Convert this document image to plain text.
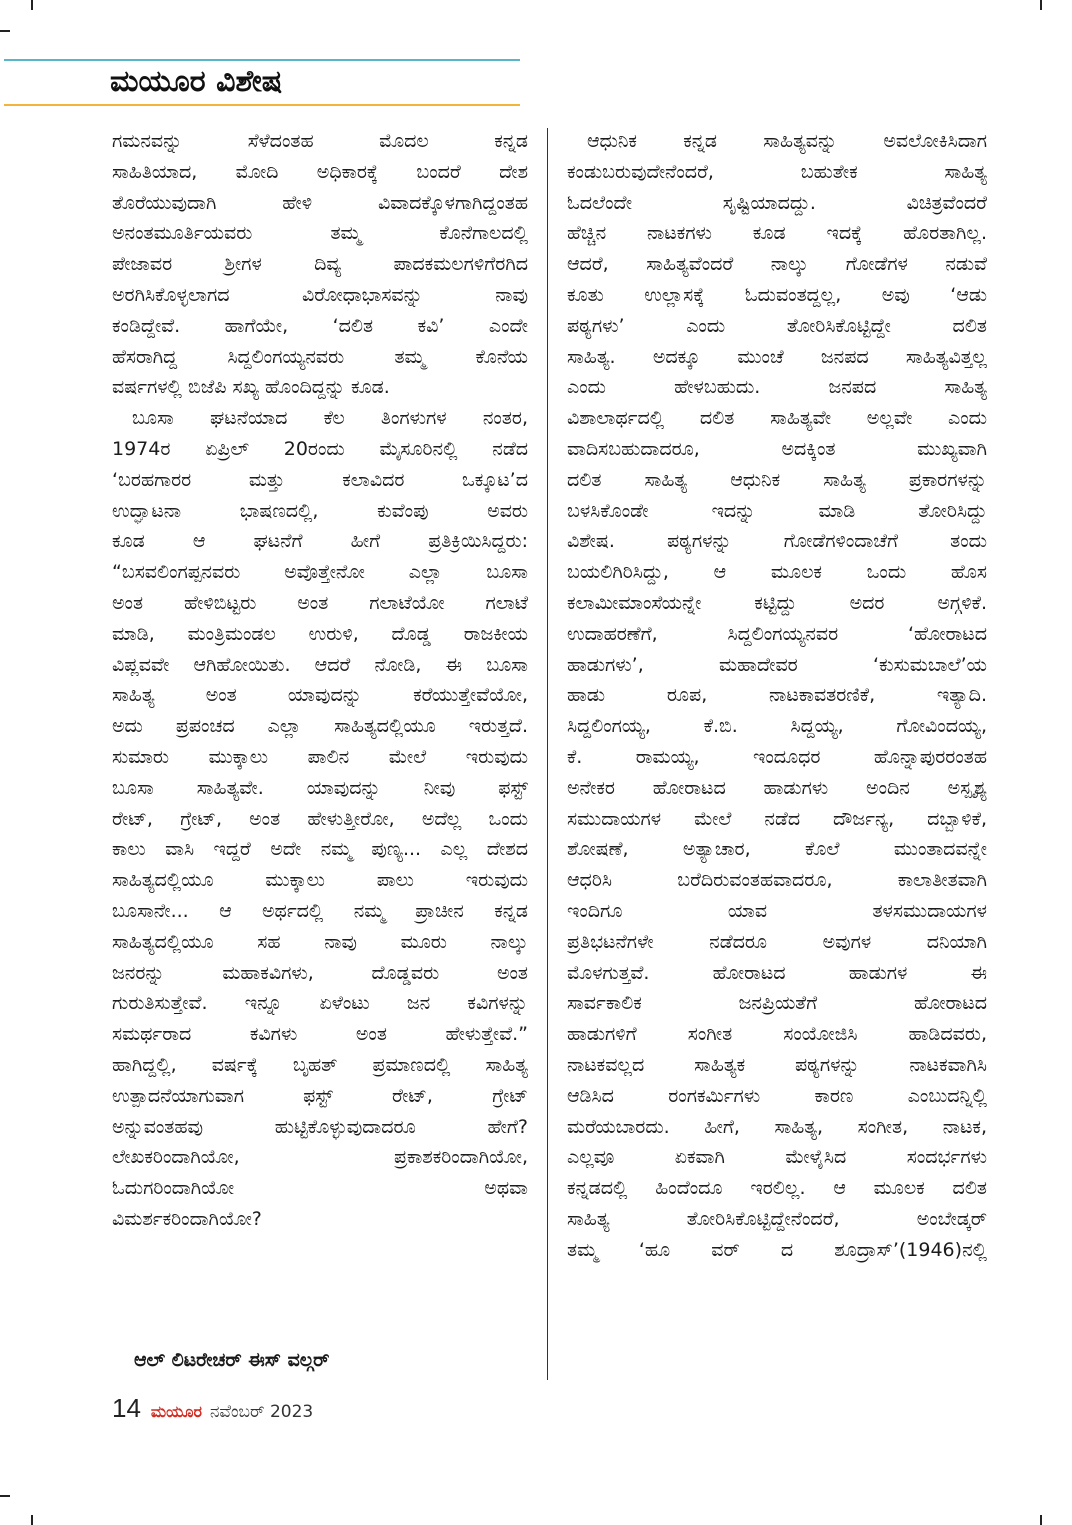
ಮಯೂರ ವಿಶೇಷ
ಗಮನವನ್ನು ಸೆಳೆದಂತಹ ಮೊದಲ ಕನ್ನಡ
ಸಾಹಿತಿಯಾದ, ಮೋದಿ ಅಧಿಕಾರಕ್ಕೆ ಬಂದರೆ ದೇಶ
ತೊರೆಯುವುದಾಗಿ ಹೇಳಿ ವಿವಾದಕ್ಕೊಳಗಾಗಿದ್ದಂತಹ
ಅನಂತಮೂರ್ತಿಯವರು ತಮ್ಮ ಕೊನೆಗಾಲದಲ್ಲಿ
ಪೇಜಾವರ ಶ್ರೀಗಳ ದಿವ್ಯ ಪಾದಕಮಲಗಳಿಗೆರಗಿದ
ಅರಗಿಸಿಕೊಳ್ಳಲಾಗದ ವಿರೋಧಾಭಾಸವನ್ನು ನಾವು
ಕಂಡಿದ್ದೇವೆ. ಹಾಗೆಯೇ, ‘ದಲಿತ ಕವಿ’ ಎಂದೇ
ಹೆಸರಾಗಿದ್ದ ಸಿದ್ದಲಿಂಗಯ್ಯನವರು ತಮ್ಮ ಕೊನೆಯ
ವರ್ಷಗಳಲ್ಲಿ ಬಿಜೆಪಿ ಸಖ್ಯ ಹೊಂದಿದ್ದನ್ನು ಕೂಡ.
ಬೂಸಾ ಘಟನೆಯಾದ ಕೆಲ ತಿಂಗಳುಗಳ ನಂತರ,
1974ರ ಏಪ್ರಿಲ್ 20ರಂದು ಮೈಸೂರಿನಲ್ಲಿ ನಡೆದ
‘ಬರಹಗಾರರ ಮತ್ತು ಕಲಾವಿದರ ಒಕ್ಕೂಟ’ದ
ಉದ್ಘಾಟನಾ ಭಾಷಣದಲ್ಲಿ, ಕುವೆಂಪು ಅವರು
ಕೂಡ ಆ ಘಟನೆಗೆ ಹೀಗೆ ಪ್ರತಿಕ್ರಿಯಿಸಿದ್ದರು:
“ಬಸವಲಿಂಗಪ್ಪನವರು ಅವೊತ್ತೇನೋ ಎಲ್ಲಾ ಬೂಸಾ
ಅಂತ ಹೇಳಿಬಿಟ್ಟರು ಅಂತ ಗಲಾಟೆಯೋ ಗಲಾಟೆ
ಮಾಡಿ, ಮಂತ್ರಿಮಂಡಲ ಉರುಳಿ, ದೊಡ್ಡ ರಾಜಕೀಯ
ವಿಪ್ಲವವೇ ಆಗಿಹೋಯಿತು. ಆದರೆ ನೋಡಿ, ಈ ಬೂಸಾ
ಸಾಹಿತ್ಯ ಅಂತ ಯಾವುದನ್ನು ಕರೆಯುತ್ತೇವೆಯೋ,
ಅದು ಪ್ರಪಂಚದ ಎಲ್ಲಾ ಸಾಹಿತ್ಯದಲ್ಲಿಯೂ ಇರುತ್ತದೆ.
ಸುಮಾರು ಮುಕ್ಕಾಲು ಪಾಲಿನ ಮೇಲೆ ಇರುವುದು
ಬೂಸಾ ಸಾಹಿತ್ಯವೇ. ಯಾವುದನ್ನು ನೀವು ಫಸ್ಟ್
ರೇಟ್, ಗ್ರೇಟ್, ಅಂತ ಹೇಳುತ್ತೀರೋ, ಅದೆಲ್ಲ ಒಂದು
ಕಾಲು ವಾಸಿ ಇದ್ದರೆ ಅದೇ ನಮ್ಮ ಪುಣ್ಯ... ಎಲ್ಲ ದೇಶದ
ಸಾಹಿತ್ಯದಲ್ಲಿಯೂ ಮುಕ್ಕಾಲು ಪಾಲು ಇರುವುದು
ಬೂಸಾನೇ... ಆ ಅರ್ಥದಲ್ಲಿ ನಮ್ಮ ಪ್ರಾಚೀನ ಕನ್ನಡ
ಸಾಹಿತ್ಯದಲ್ಲಿಯೂ ಸಹ ನಾವು ಮೂರು ನಾಲ್ಕು
ಜನರನ್ನು ಮಹಾಕವಿಗಳು, ದೊಡ್ಡವರು ಅಂತ
ಗುರುತಿಸುತ್ತೇವೆ. ಇನ್ನೂ ಏಳೆಂಟು ಜನ ಕವಿಗಳನ್ನು
ಸಮರ್ಥರಾದ ಕವಿಗಳು ಅಂತ ಹೇಳುತ್ತೇವೆ.”
ಹಾಗಿದ್ದಲ್ಲಿ, ವರ್ಷಕ್ಕೆ ಬೃಹತ್ ಪ್ರಮಾಣದಲ್ಲಿ ಸಾಹಿತ್ಯ
ಉತ್ಪಾದನೆಯಾಗುವಾಗ ಫಸ್ಟ್ ರೇಟ್, ಗ್ರೇಟ್
ಅನ್ನುವಂತಹವು ಹುಟ್ಟಿಕೊಳ್ಳುವುದಾದರೂ ಹೇಗೆ?
ಲೇಖಕರಿಂದಾಗಿಯೋ, ಪ್ರಕಾಶಕರಿಂದಾಗಿಯೋ,
ಓದುಗರಿಂದಾಗಿಯೋ ಅಥವಾ
ವಿಮರ್ಶಕರಿಂದಾಗಿಯೋ?
ಆಧುನಿಕ ಕನ್ನಡ ಸಾಹಿತ್ಯವನ್ನು ಅವಲೋಕಿಸಿದಾಗ
ಕಂಡುಬರುವುದೇನೆಂದರೆ, ಬಹುತೇಕ ಸಾಹಿತ್ಯ
ಓದಲೆಂದೇ ಸೃಷ್ಟಿಯಾದದ್ದು. ವಿಚಿತ್ರವೆಂದರೆ
ಹೆಚ್ಚಿನ ನಾಟಕಗಳು ಕೂಡ ಇದಕ್ಕೆ ಹೊರತಾಗಿಲ್ಲ.
ಆದರೆ, ಸಾಹಿತ್ಯವೆಂದರೆ ನಾಲ್ಕು ಗೋಡೆಗಳ ನಡುವೆ
ಕೂತು ಉಲ್ಲಾಸಕ್ಕೆ ಓದುವಂತದ್ದಲ್ಲ, ಅವು ‘ಆಡು
ಪಠ್ಯಗಳು’ ಎಂದು ತೋರಿಸಿಕೊಟ್ಟಿದ್ದೇ ದಲಿತ
ಸಾಹಿತ್ಯ. ಅದಕ್ಕೂ ಮುಂಚೆ ಜನಪದ ಸಾಹಿತ್ಯವಿತ್ತಲ್ಲ
ಎಂದು ಹೇಳಬಹುದು. ಜನಪದ ಸಾಹಿತ್ಯ
ವಿಶಾಲಾರ್ಥದಲ್ಲಿ ದಲಿತ ಸಾಹಿತ್ಯವೇ ಅಲ್ಲವೇ ಎಂದು
ವಾದಿಸಬಹುದಾದರೂ, ಅದಕ್ಕಿಂತ ಮುಖ್ಯವಾಗಿ
ದಲಿತ ಸಾಹಿತ್ಯ ಆಧುನಿಕ ಸಾಹಿತ್ಯ ಪ್ರಕಾರಗಳನ್ನು
ಬಳಸಿಕೊಂಡೇ ಇದನ್ನು ಮಾಡಿ ತೋರಿಸಿದ್ದು
ವಿಶೇಷ. ಪಠ್ಯಗಳನ್ನು ಗೋಡೆಗಳಿಂದಾಚೆಗೆ ತಂದು
ಬಯಲಿಗಿರಿಸಿದ್ದು, ಆ ಮೂಲಕ ಒಂದು ಹೊಸ
ಕಲಾಮೀಮಾಂಸೆಯನ್ನೇ ಕಟ್ಟಿದ್ದು ಅದರ ಅಗ್ಗಳಿಕೆ.
ಉದಾಹರಣೆಗೆ, ಸಿದ್ದಲಿಂಗಯ್ಯನವರ ‘ಹೋರಾಟದ
ಹಾಡುಗಳು’, ಮಹಾದೇವರ ‘ಕುಸುಮಬಾಲೆ’ಯ
ಹಾಡು ರೂಪ, ನಾಟಕಾವತರಣಿಕೆ, ಇತ್ಯಾದಿ.
ಸಿದ್ದಲಿಂಗಯ್ಯ, ಕೆ.ಬಿ. ಸಿದ್ದಯ್ಯ, ಗೋವಿಂದಯ್ಯ,
ಕೆ. ರಾಮಯ್ಯ, ಇಂದೂಧರ ಹೊನ್ನಾಪುರರಂತಹ
ಅನೇಕರ ಹೋರಾಟದ ಹಾಡುಗಳು ಅಂದಿನ ಅಸ್ಪೃಶ್ಯ
ಸಮುದಾಯಗಳ ಮೇಲೆ ನಡೆದ ದೌರ್ಜನ್ಯ, ದಬ್ಬಾಳಿಕೆ,
ಶೋಷಣೆ, ಅತ್ಯಾಚಾರ, ಕೊಲೆ ಮುಂತಾದವನ್ನೇ
ಆಧರಿಸಿ ಬರೆದಿರುವಂತಹವಾದರೂ, ಕಾಲಾತೀತವಾಗಿ
ಇಂದಿಗೂ ಯಾವ ತಳಸಮುದಾಯಗಳ
ಪ್ರತಿಭಟನೆಗಳೇ ನಡೆದರೂ ಅವುಗಳ ದನಿಯಾಗಿ
ಮೊಳಗುತ್ತವೆ. ಹೋರಾಟದ ಹಾಡುಗಳ ಈ
ಸಾರ್ವಕಾಲಿಕ ಜನಪ್ರಿಯತೆಗೆ ಹೋರಾಟದ
ಹಾಡುಗಳಿಗೆ ಸಂಗೀತ ಸಂಯೋಜಿಸಿ ಹಾಡಿದವರು,
ನಾಟಕವಲ್ಲದ ಸಾಹಿತ್ಯಕ ಪಠ್ಯಗಳನ್ನು ನಾಟಕವಾಗಿಸಿ
ಆಡಿಸಿದ ರಂಗಕರ್ಮಿಗಳು ಕಾರಣ ಎಂಬುದನ್ನಿಲ್ಲಿ
ಮರೆಯಬಾರದು. ಹೀಗೆ, ಸಾಹಿತ್ಯ, ಸಂಗೀತ, ನಾಟಕ,
ಎಲ್ಲವೂ ಏಕವಾಗಿ ಮೇಳೈಸಿದ ಸಂದರ್ಭಗಳು
ಕನ್ನಡದಲ್ಲಿ ಹಿಂದೆಂದೂ ಇರಲಿಲ್ಲ. ಆ ಮೂಲಕ ದಲಿತ
ಸಾಹಿತ್ಯ ತೋರಿಸಿಕೊಟ್ಟಿದ್ದೇನೆಂದರೆ, ಅಂಬೇಡ್ಕರ್
ತಮ್ಮ ‘ಹೂ ವರ್ ದ ಶೂದ್ರಾಸ್’(1946)ನಲ್ಲಿ
ಆಲ್ ಲಿಟರೇಚರ್ ಈಸ್ ವಲ್ಗರ್
14 ಮಯೂರ ನವೆಂಬರ್ 2023
